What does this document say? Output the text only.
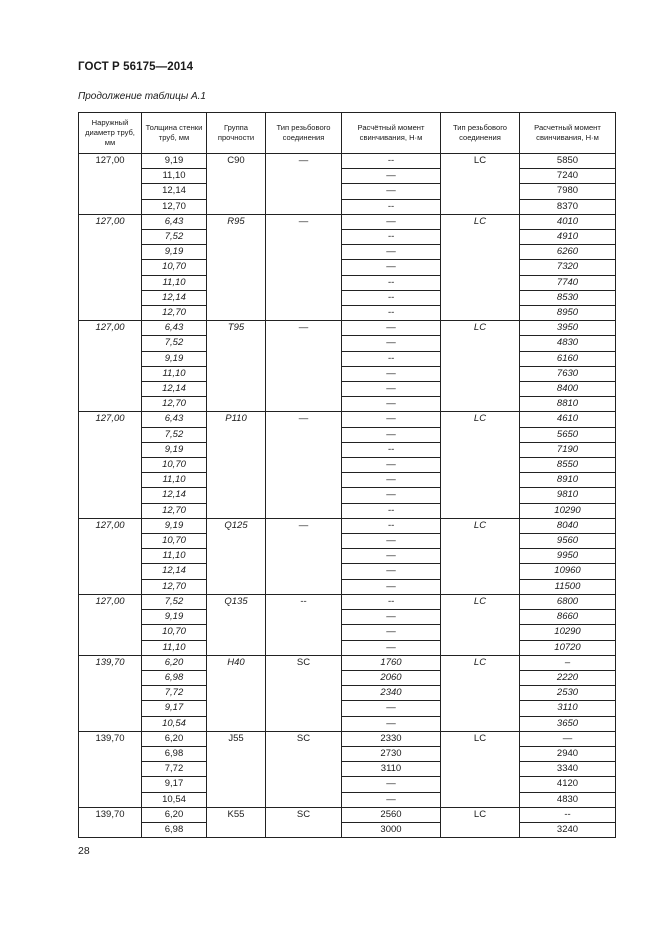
ГОСТ Р 56175—2014
Продолжение таблицы А.1
Наружный диаметр труб, мм	Толщина стенки труб, мм	Группа прочности	Тип резьбового соединения	Расчётный момент свинчивания, Н·м	Тип резьбового соединения	Расчетный момент свинчивания, Н·м
127,00	9,19	C90	—	--	LC	5850
	11,10			—		7240
	12,14			—		7980
	12,70			--		8370
127,00	6,43	R95	—	—	LC	4010
	7,52			--		4910
	9,19			—		6260
	10,70			—		7320
	11,10			--		7740
	12,14			--		8530
	12,70			--		8950
127,00	6,43	T95	—	—	LC	3950
	7,52			—		4830
	9,19			--		6160
	11,10			—		7630
	12,14			—		8400
	12,70			—		8810
127,00	6,43	P110	—	—	LC	4610
	7,52			—		5650
	9,19			--		7190
	10,70			—		8550
	11,10			—		8910
	12,14			—		9810
	12,70			--		10290
127,00	9,19	Q125	—	--	LC	8040
	10,70			—		9560
	11,10			—		9950
	12,14			—		10960
	12,70			—		11500
127,00	7,52	Q135	--	--	LC	6800
	9,19			—		8660
	10,70			—		10290
	11,10			—		10720
139,70	6,20	H40	SC	1760	LC	–
	6,98			2060		2220
	7,72			2340		2530
	9,17			—		3110
	10,54			—		3650
139,70	6,20	J55	SC	2330	LC	—
	6,98			2730		2940
	7,72			3110		3340
	9,17			—		4120
	10,54			—		4830
139,70	6,20	K55	SC	2560	LC	--
	6,98			3000		3240
28
